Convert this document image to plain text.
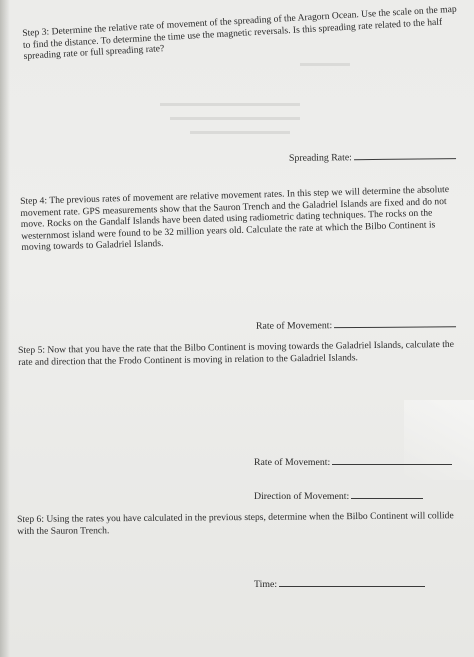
▬▬▬▬▬
▬▬▬▬▬▬▬▬▬▬▬▬▬▬
▬▬▬▬▬▬▬▬▬▬▬▬▬
▬▬▬▬▬▬▬▬▬▬
Step 3: Determine the relative rate of movement of the spreading of the Aragorn Ocean. Use the scale on the map to find the distance. To determine the time use the magnetic reversals. Is this spreading rate related to the half spreading rate or full spreading rate?
Spreading Rate:
Step 4: The previous rates of movement are relative movement rates. In this step we will determine the absolute movement rate. GPS measurements show that the Sauron Trench and the Galadriel Islands are fixed and do not move. Rocks on the Gandalf Islands have been dated using radiometric dating techniques. The rocks on the westernmost island were found to be 32 million years old. Calculate the rate at which the Bilbo Continent is moving towards to Galadriel Islands.
Rate of Movement:
Step 5: Now that you have the rate that the Bilbo Continent is moving towards the Galadriel Islands, calculate the rate and direction that the Frodo Continent is moving in relation to the Galadriel Islands.
Rate of Movement:
Direction of Movement:
Step 6: Using the rates you have calculated in the previous steps, determine when the Bilbo Continent will collide with the Sauron Trench.
Time:
